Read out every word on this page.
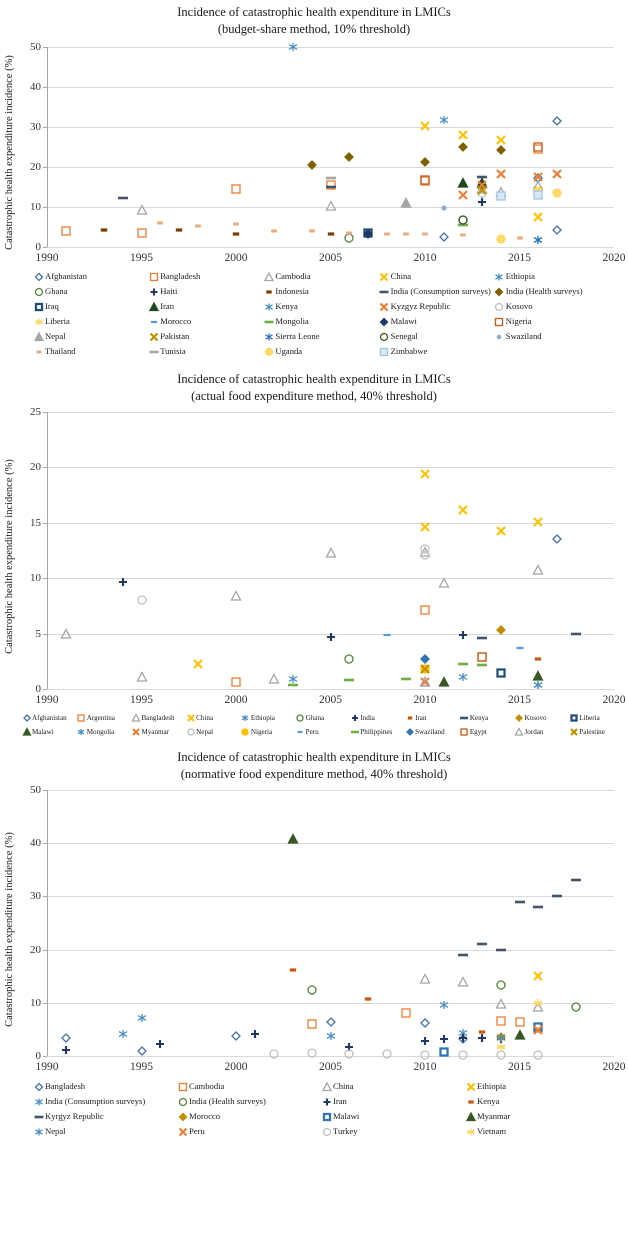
Incidence of catastrophic health expenditure in LMICs
(budget-share method, 10% threshold)
Catastrophic health expenditure incidence (%)	0
10
20
30
40
50
1990	1995	2000	2005	2010	2015	2020
Afghanistan	Bangladesh	Cambodia	China	Ethiopia
Ghana	Haiti	Indonesia	India (Consumption surveys) India (Health surveys)
Iraq	Iran	Kenya	Kyzgyz Republic	Kosovo
Liberia	Morocco	Mongolia	Malawi	Nigeria
Nepal	Pakistan	Sierra Leone	Senegal	Swaziland
Thailand	Tunisia	Uganda	Zimbabwe
Incidence of catastrophic health expenditure in LMICs
(actual food expenditure method, 40% threshold)
Catastrophic health expenditure incidence (%)
0
5
10
15
20
25
1990	1995	2000	2005	2010	2015	2020
Afghanistan	Argentina	Bangladesh	China	Ethiopia	Ghana	India	Iran	Kenya	Kosovo	Liberia
Malawi	Mongolia	Myanmar	Nepal	Nigeria	Peru	Philippines	Swaziland	Egypt	Jordan	Palestine
Incidence of catastrophic health expenditure in LMICs
(normative food expenditure method, 40% threshold)
Catastrophic health expenditure incidence (%)
0
10
20
30
40
50
1990	1995	2000	2005	2010	2015	2020
Bangladesh	Cambodia	China	Ethiopia
India (Consumption surveys)	India (Health surveys)	Iran	Kenya
Kyrgyz Republic	Morocco	Malawi	Myanmar
Nepal	Peru	Turkey	Vietnam
